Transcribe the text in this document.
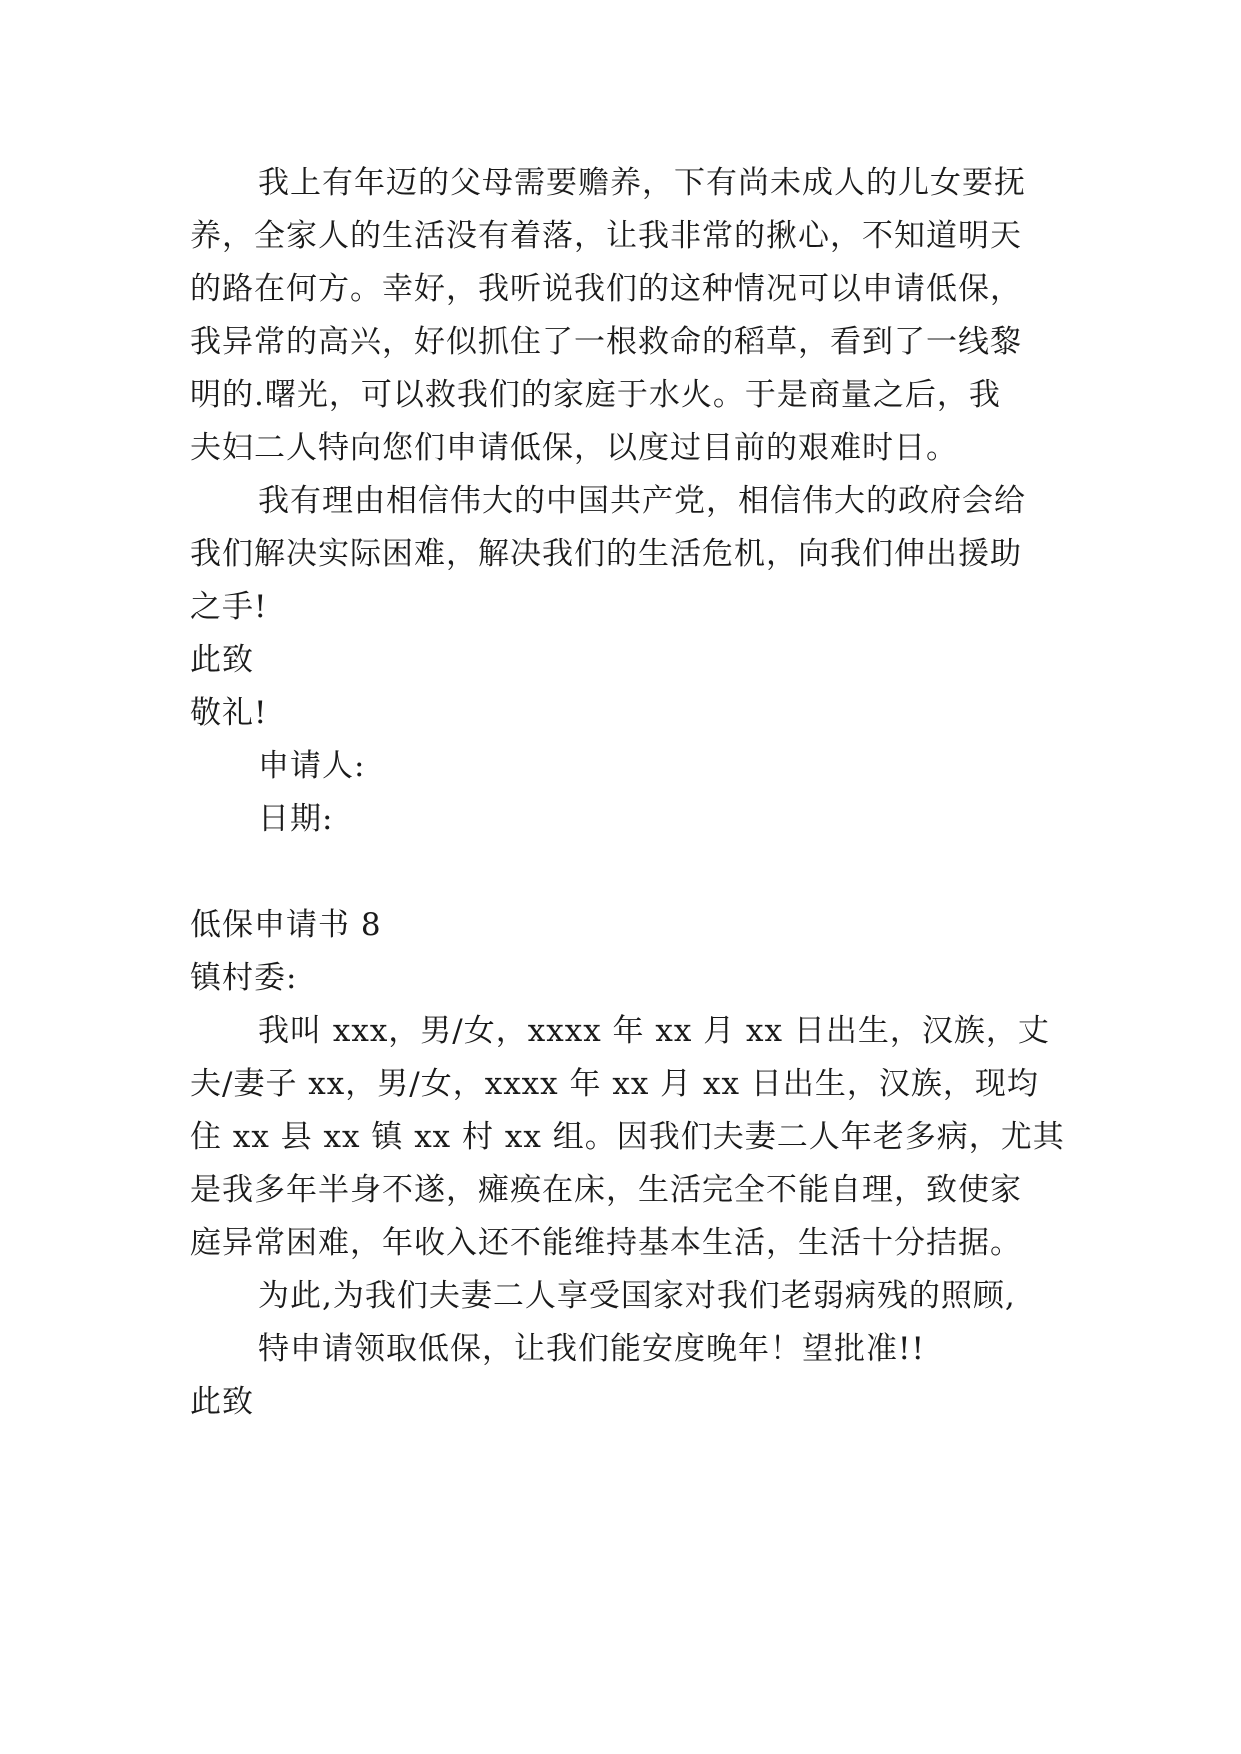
我上有年迈的父母需要赡养，下有尚未成人的儿女要抚

养，全家人的生活没有着落，让我非常的揪心，不知道明天

的路在何方。幸好，我听说我们的这种情况可以申请低保，

我异常的高兴，好似抓住了一根救命的稻草，看到了一线黎

明的.曙光，可以救我们的家庭于水火。于是商量之后，我

夫妇二人特向您们申请低保，以度过目前的艰难时日。

我有理由相信伟大的中国共产党，相信伟大的政府会给

我们解决实际困难，解决我们的生活危机，向我们伸出援助

之手!

此致

敬礼!

申请人:

日期:

低保申请书 8

镇村委:

我叫 xxx，男/女，xxxx 年 xx 月 xx 日出生，汉族，丈

夫/妻子 xx，男/女，xxxx 年 xx 月 xx 日出生，汉族，现均

住 xx 县 xx 镇 xx 村 xx 组。因我们夫妻二人年老多病，尤其

是我多年半身不遂，瘫痪在床，生活完全不能自理，致使家

庭异常困难，年收入还不能维持基本生活，生活十分拮据。

为此,为我们夫妻二人享受国家对我们老弱病残的照顾,

特申请领取低保，让我们能安度晚年！望批准!!

此致
